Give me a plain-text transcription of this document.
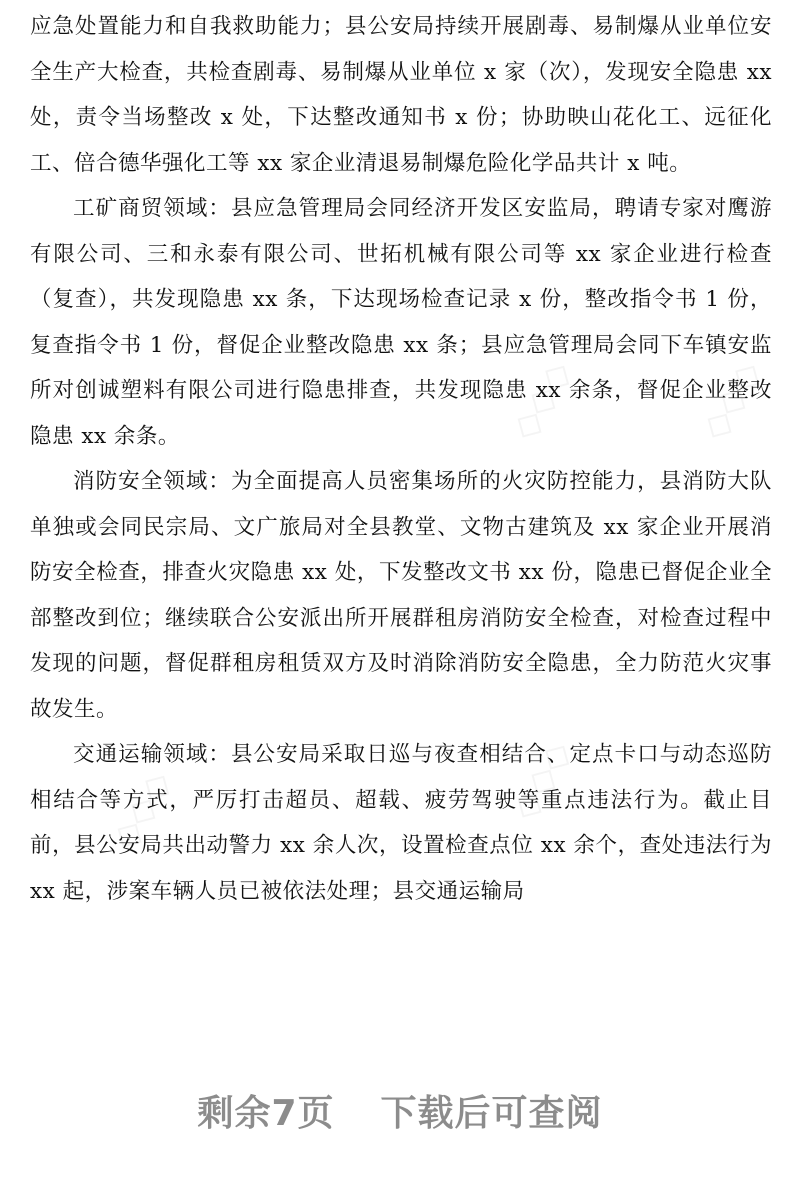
◇◇◇
◇◇◇
◇◇◇
◇◇◇

应急处置能力和自我救助能力；县公安局持续开展剧毒、易制爆从业单位安全生产大检查，共检查剧毒、易制爆从业单位 x 家（次），发现安全隐患 xx 处，责令当场整改 x 处，下达整改通知书 x 份；协助映山花化工、远征化工、倍合德华强化工等 xx 家企业清退易制爆危险化学品共计 x 吨。

工矿商贸领域：县应急管理局会同经济开发区安监局，聘请专家对鹰游有限公司、三和永泰有限公司、世拓机械有限公司等 xx 家企业进行检查（复查），共发现隐患 xx 条，下达现场检查记录 x 份，整改指令书 1 份，复查指令书 1 份，督促企业整改隐患 xx 条；县应急管理局会同下车镇安监所对创诚塑料有限公司进行隐患排查，共发现隐患 xx 余条，督促企业整改隐患 xx 余条。

消防安全领域：为全面提高人员密集场所的火灾防控能力，县消防大队单独或会同民宗局、文广旅局对全县教堂、文物古建筑及 xx 家企业开展消防安全检查，排查火灾隐患 xx 处，下发整改文书 xx 份，隐患已督促企业全部整改到位；继续联合公安派出所开展群租房消防安全检查，对检查过程中发现的问题，督促群租房租赁双方及时消除消防安全隐患，全力防范火灾事故发生。

交通运输领域：县公安局采取日巡与夜查相结合、定点卡口与动态巡防相结合等方式，严厉打击超员、超载、疲劳驾驶等重点违法行为。截止目前，县公安局共出动警力 xx 余人次，设置检查点位 xx 余个，查处违法行为 xx 起，涉案车辆人员已被依法处理；县交通运输局

剩余7页 下载后可查阅
